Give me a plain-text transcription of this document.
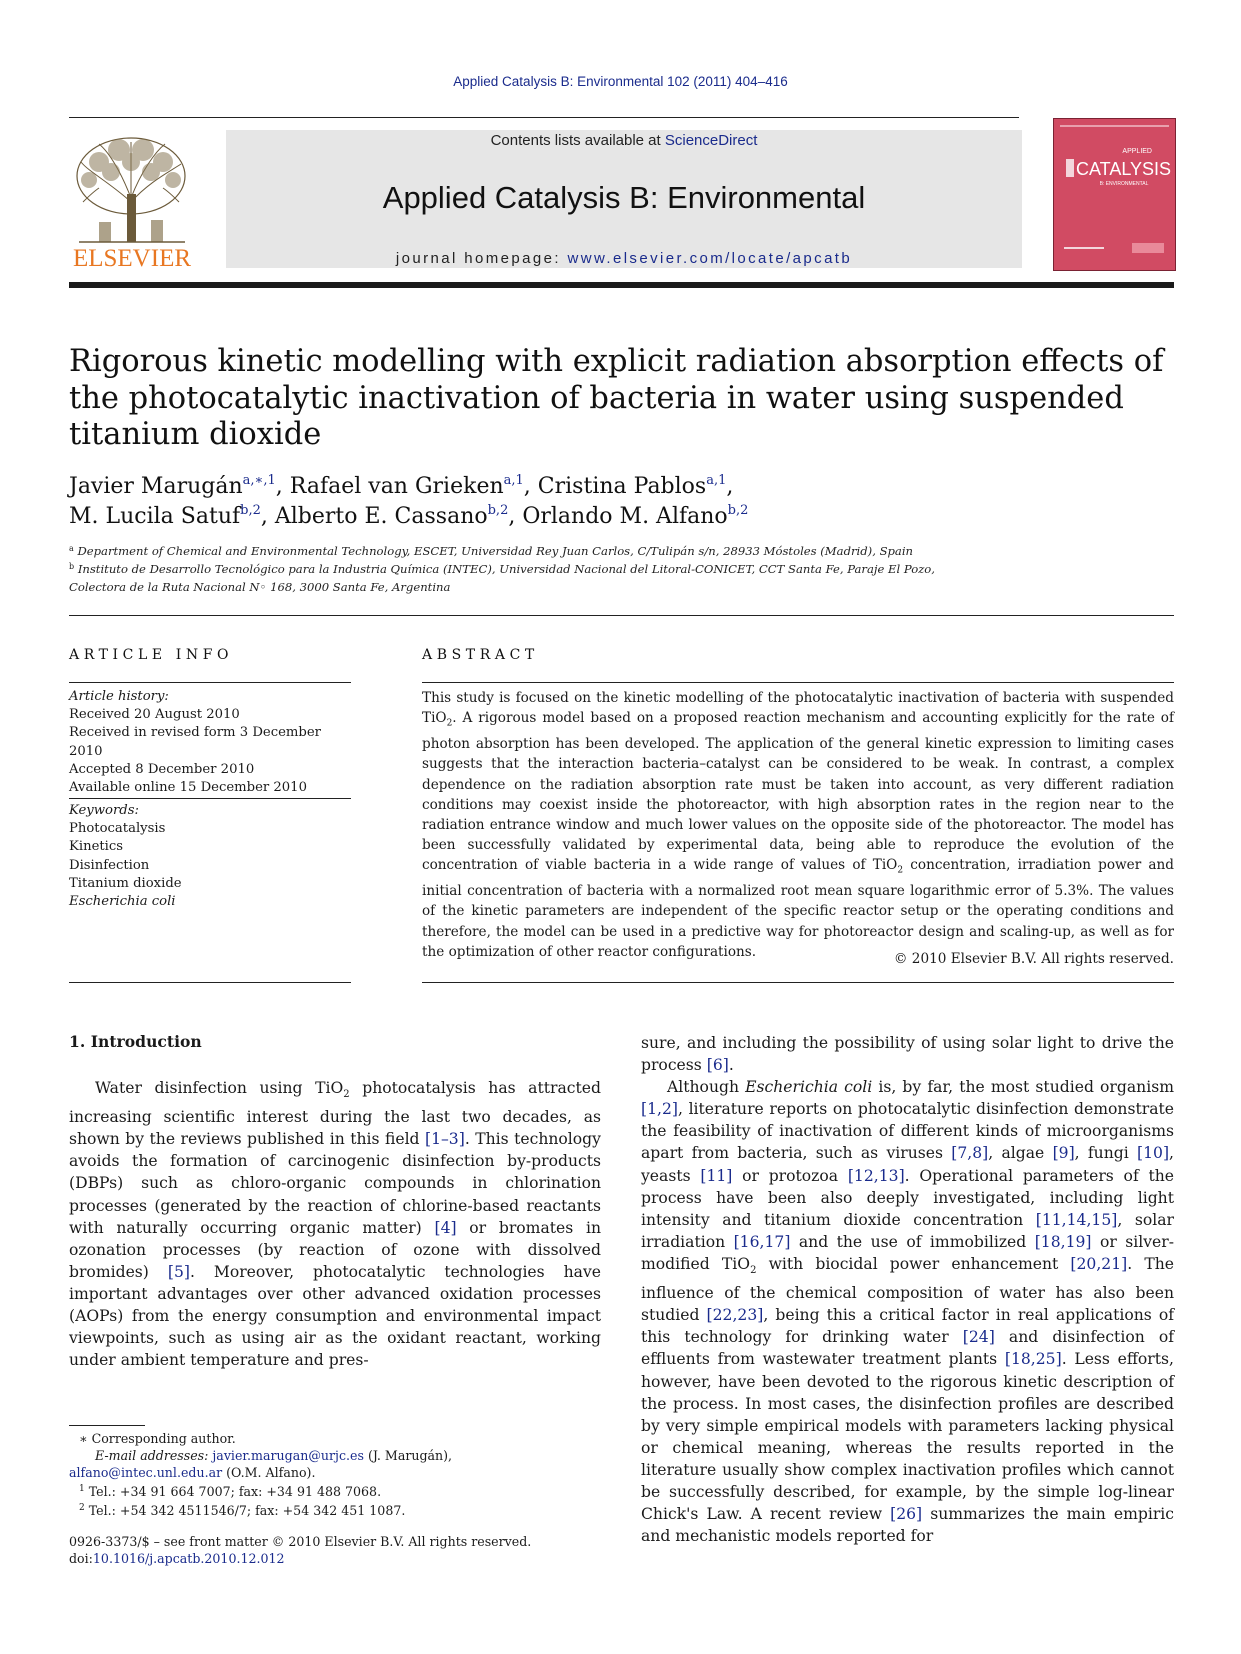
Applied Catalysis B: Environmental 102 (2011) 404–416
ELSEVIER
Contents lists available at ScienceDirect
Applied Catalysis B: Environmental
journal homepage: www.elsevier.com/locate/apcatb
APPLIED
CATALYSIS
B: ENVIRONMENTAL
Rigorous kinetic modelling with explicit radiation absorption effects of the photocatalytic inactivation of bacteria in water using suspended titanium dioxide
Javier Marugán$^{a,∗,1}$, Rafael van Grieken$^{a,1}$, Cristina Pablos$^{a,1}$,
M. Lucila Satuf$^{b,2}$, Alberto E. Cassano$^{b,2}$, Orlando M. Alfano$^{b,2}$
$^a$ Department of Chemical and Environmental Technology, ESCET, Universidad Rey Juan Carlos, C/Tulipán s/n, 28933 Móstoles (Madrid), Spain
$^b$ Instituto de Desarrollo Tecnológico para la Industria Química (INTEC), Universidad Nacional del Litoral-CONICET, CCT Santa Fe, Paraje El Pozo,
Colectora de la Ruta Nacional N◦ 168, 3000 Santa Fe, Argentina
ARTICLE INFO
Article history:
Received 20 August 2010
Received in revised form 3 December 2010
Accepted 8 December 2010
Available online 15 December 2010
Keywords:
Photocatalysis
Kinetics
Disinfection
Titanium dioxide
Escherichia coli
ABSTRACT
This study is focused on the kinetic modelling of the photocatalytic inactivation of bacteria with suspended TiO$_2$. A rigorous model based on a proposed reaction mechanism and accounting explicitly for the rate of photon absorption has been developed. The application of the general kinetic expression to limiting cases suggests that the interaction bacteria–catalyst can be considered to be weak. In contrast, a complex dependence on the radiation absorption rate must be taken into account, as very different radiation conditions may coexist inside the photoreactor, with high absorption rates in the region near to the radiation entrance window and much lower values on the opposite side of the photoreactor. The model has been successfully validated by experimental data, being able to reproduce the evolution of the concentration of viable bacteria in a wide range of values of TiO$_2$ concentration, irradiation power and initial concentration of bacteria with a normalized root mean square logarithmic error of 5.3%. The values of the kinetic parameters are independent of the specific reactor setup or the operating conditions and therefore, the model can be used in a predictive way for photoreactor design and scaling-up, as well as for the optimization of other reactor configurations.	© 2010 Elsevier B.V. All rights reserved.
1. Introduction

Water disinfection using TiO$_2$ photocatalysis has attracted increasing scientific interest during the last two decades, as shown by the reviews published in this field [1–3]. This technology avoids the formation of carcinogenic disinfection by-products (DBPs) such as chloro-organic compounds in chlorination processes (generated by the reaction of chlorine-based reactants with naturally occurring organic matter) [4] or bromates in ozonation processes (by reaction of ozone with dissolved bromides) [5]. Moreover, photocatalytic technologies have important advantages over other advanced oxidation processes (AOPs) from the energy consumption and environmental impact viewpoints, such as using air as the oxidant reactant, working under ambient temperature and pres-

sure, and including the possibility of using solar light to drive the process [6].

Although Escherichia coli is, by far, the most studied organism [1,2], literature reports on photocatalytic disinfection demonstrate the feasibility of inactivation of different kinds of microorganisms apart from bacteria, such as viruses [7,8], algae [9], fungi [10], yeasts [11] or protozoa [12,13]. Operational parameters of the process have been also deeply investigated, including light intensity and titanium dioxide concentration [11,14,15], solar irradiation [16,17] and the use of immobilized [18,19] or silver-modified TiO$_2$ with biocidal power enhancement [20,21]. The influence of the chemical composition of water has also been studied [22,23], being this a critical factor in real applications of this technology for drinking water [24] and disinfection of effluents from wastewater treatment plants [18,25]. Less efforts, however, have been devoted to the rigorous kinetic description of the process. In most cases, the disinfection profiles are described by very simple empirical models with parameters lacking physical or chemical meaning, whereas the results reported in the literature usually show complex inactivation profiles which cannot be successfully described, for example, by the simple log-linear Chick's Law. A recent review [26] summarizes the main empiric and mechanistic models reported for

∗ Corresponding author.
E-mail addresses: javier.marugan@urjc.es (J. Marugán),
alfano@intec.unl.edu.ar (O.M. Alfano).
$^1$ Tel.: +34 91 664 7007; fax: +34 91 488 7068.
$^2$ Tel.: +54 342 4511546/7; fax: +54 342 451 1087.
0926-3373/$ – see front matter © 2010 Elsevier B.V. All rights reserved.
doi:10.1016/j.apcatb.2010.12.012
